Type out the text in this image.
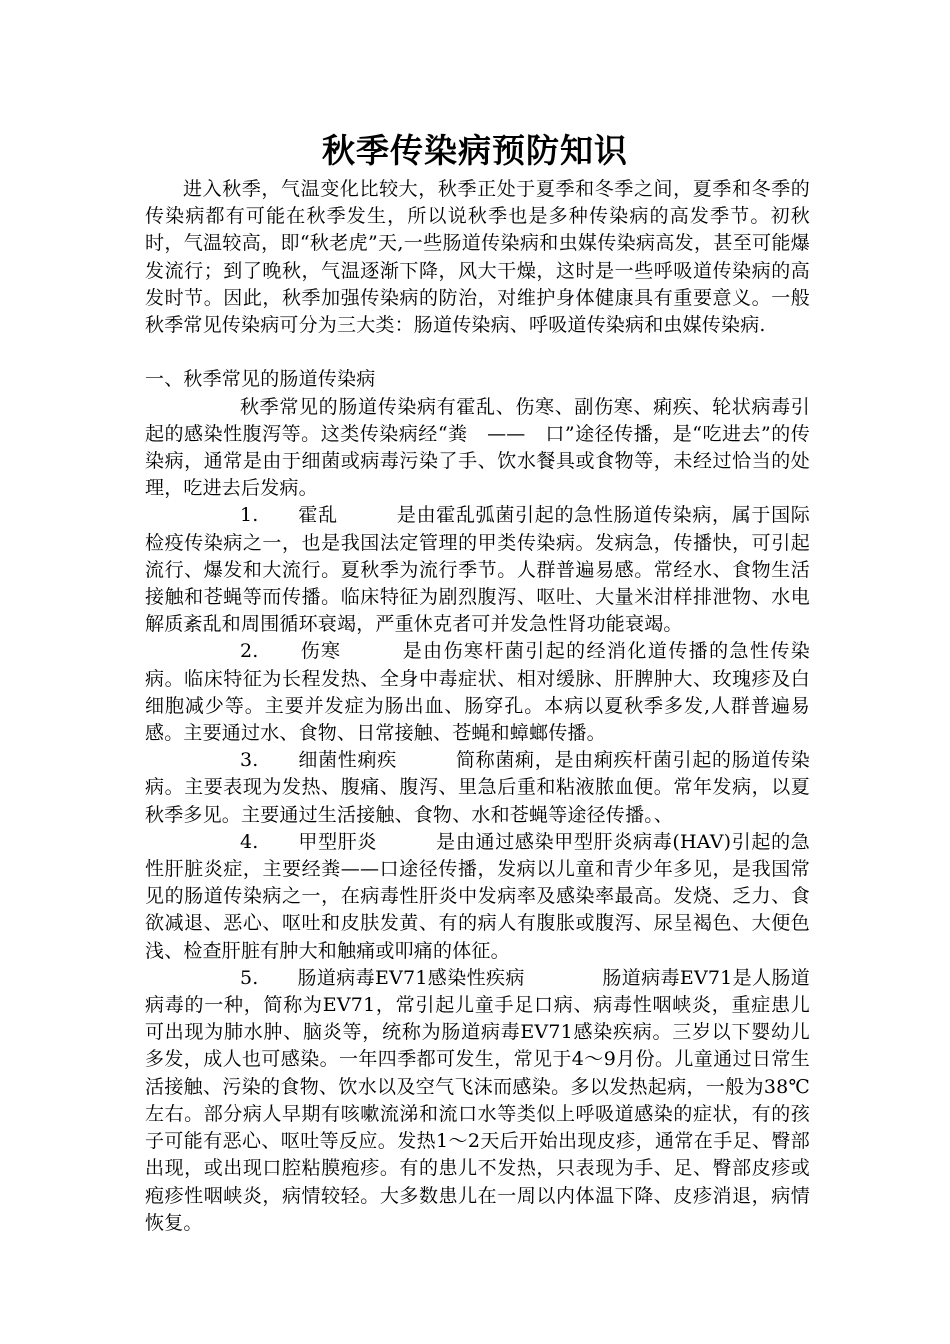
秋季传染病预防知识

进入秋季，气温变化比较大，秋季正处于夏季和冬季之间，夏季和冬季的传染病都有可能在秋季发生，所以说秋季也是多种传染病的高发季节。初秋时，气温较高，即“秋老虎”天,一些肠道传染病和虫媒传染病高发，甚至可能爆发流行；到了晚秋，气温逐渐下降，风大干燥，这时是一些呼吸道传染病的高发时节。因此，秋季加强传染病的防治，对维护身体健康具有重要意义。一般秋季常见传染病可分为三大类：肠道传染病、呼吸道传染病和虫媒传染病.

一、秋季常见的肠道传染病

秋季常见的肠道传染病有霍乱、伤寒、副伤寒、痢疾、轮状病毒引起的感染性腹泻等。这类传染病经“粪　——　口”途径传播，是“吃进去”的传染病，通常是由于细菌或病毒污染了手、饮水餐具或食物等，未经过恰当的处理，吃进去后发病。

1.　　霍乱　　　是由霍乱弧菌引起的急性肠道传染病，属于国际检疫传染病之一，也是我国法定管理的甲类传染病。发病急，传播快，可引起流行、爆发和大流行。夏秋季为流行季节。人群普遍易感。常经水、食物生活接触和苍蝇等而传播。临床特征为剧烈腹泻、呕吐、大量米泔样排泄物、水电解质紊乱和周围循环衰竭，严重休克者可并发急性肾功能衰竭。

2.　　伤寒　　　是由伤寒杆菌引起的经消化道传播的急性传染病。临床特征为长程发热、全身中毒症状、相对缓脉、肝脾肿大、玫瑰疹及白细胞减少等。主要并发症为肠出血、肠穿孔。本病以夏秋季多发,人群普遍易感。主要通过水、食物、日常接触、苍蝇和蟑螂传播。

3.　　细菌性痢疾　　　简称菌痢，是由痢疾杆菌引起的肠道传染病。主要表现为发热、腹痛、腹泻、里急后重和粘液脓血便。常年发病，以夏秋季多见。主要通过生活接触、食物、水和苍蝇等途径传播。、

4.　　甲型肝炎　　　是由通过感染甲型肝炎病毒(HAV)引起的急性肝脏炎症，主要经粪——口途径传播，发病以儿童和青少年多见，是我国常见的肠道传染病之一，在病毒性肝炎中发病率及感染率最高。发烧、乏力、食欲减退、恶心、呕吐和皮肤发黄、有的病人有腹胀或腹泻、尿呈褐色、大便色浅、检查肝脏有肿大和触痛或叩痛的体征。

5.　　肠道病毒EV71感染性疾病　　　　肠道病毒EV71是人肠道病毒的一种，简称为EV71，常引起儿童手足口病、病毒性咽峡炎，重症患儿可出现为肺水肿、脑炎等，统称为肠道病毒EV71感染疾病。三岁以下婴幼儿多发，成人也可感染。一年四季都可发生，常见于4～9月份。儿童通过日常生活接触、污染的食物、饮水以及空气飞沫而感染。多以发热起病，一般为38℃左右。部分病人早期有咳嗽流涕和流口水等类似上呼吸道感染的症状，有的孩子可能有恶心、呕吐等反应。发热1～2天后开始出现皮疹，通常在手足、臀部出现，或出现口腔粘膜疱疹。有的患儿不发热，只表现为手、足、臀部皮疹或疱疹性咽峡炎，病情较轻。大多数患儿在一周以内体温下降、皮疹消退，病情恢复。
